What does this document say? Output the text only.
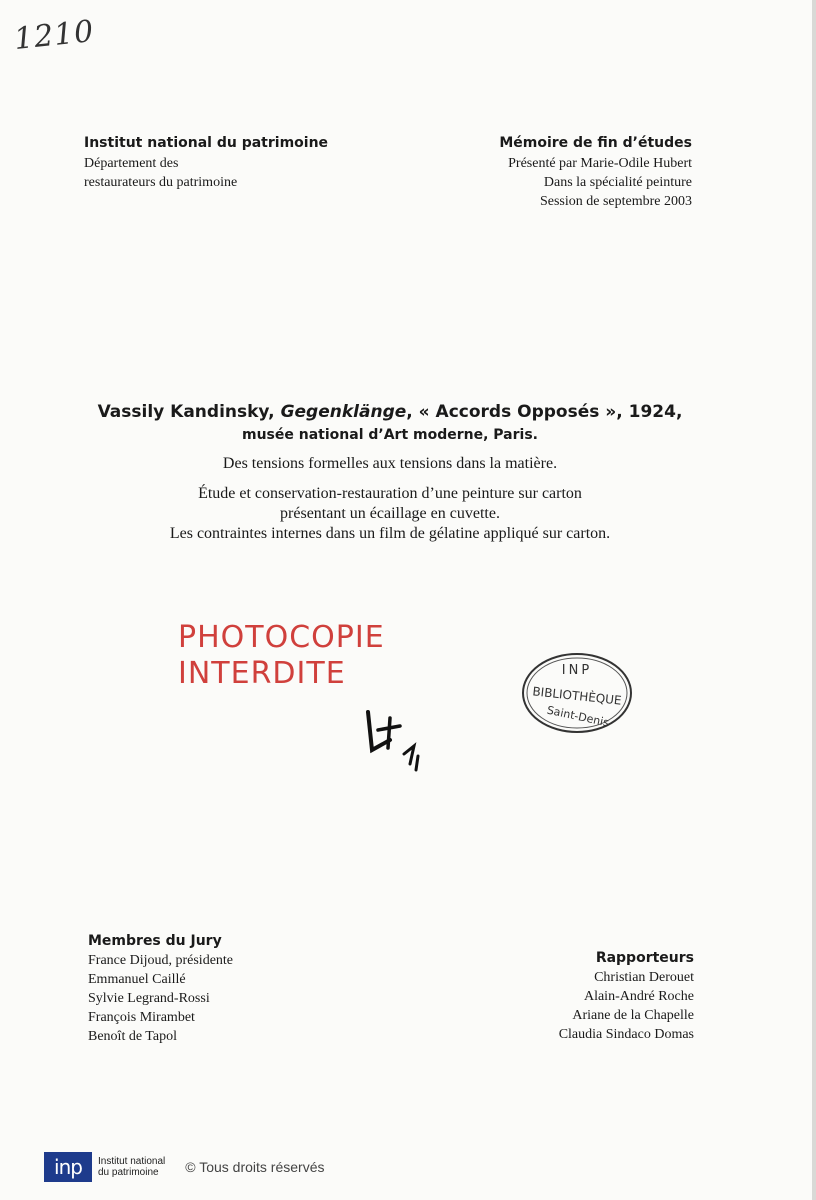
1210
Institut national du patrimoine
Département des
restaurateurs du patrimoine
Mémoire de fin d’études
Présenté par Marie-Odile Hubert
Dans la spécialité peinture
Session de septembre 2003
Vassily Kandinsky, Gegenklänge, « Accords Opposés », 1924,
musée national d’Art moderne, Paris.
Des tensions formelles aux tensions dans la matière.
Étude et conservation-restauration d’une peinture sur carton
présentant un écaillage en cuvette.
Les contraintes internes dans un film de gélatine appliqué sur carton.
PHOTOCOPIE
INTERDITE	INP
BIBLIOTHÈQUE
Saint-Denis
Membres du Jury
France Dijoud, présidente
Emmanuel Caillé
Sylvie Legrand-Rossi
François Mirambet
Benoît de Tapol
Rapporteurs
Christian Derouet
Alain-André Roche
Ariane de la Chapelle
Claudia Sindaco Domas
inp	Institut national
du patrimoine	© Tous droits réservés
